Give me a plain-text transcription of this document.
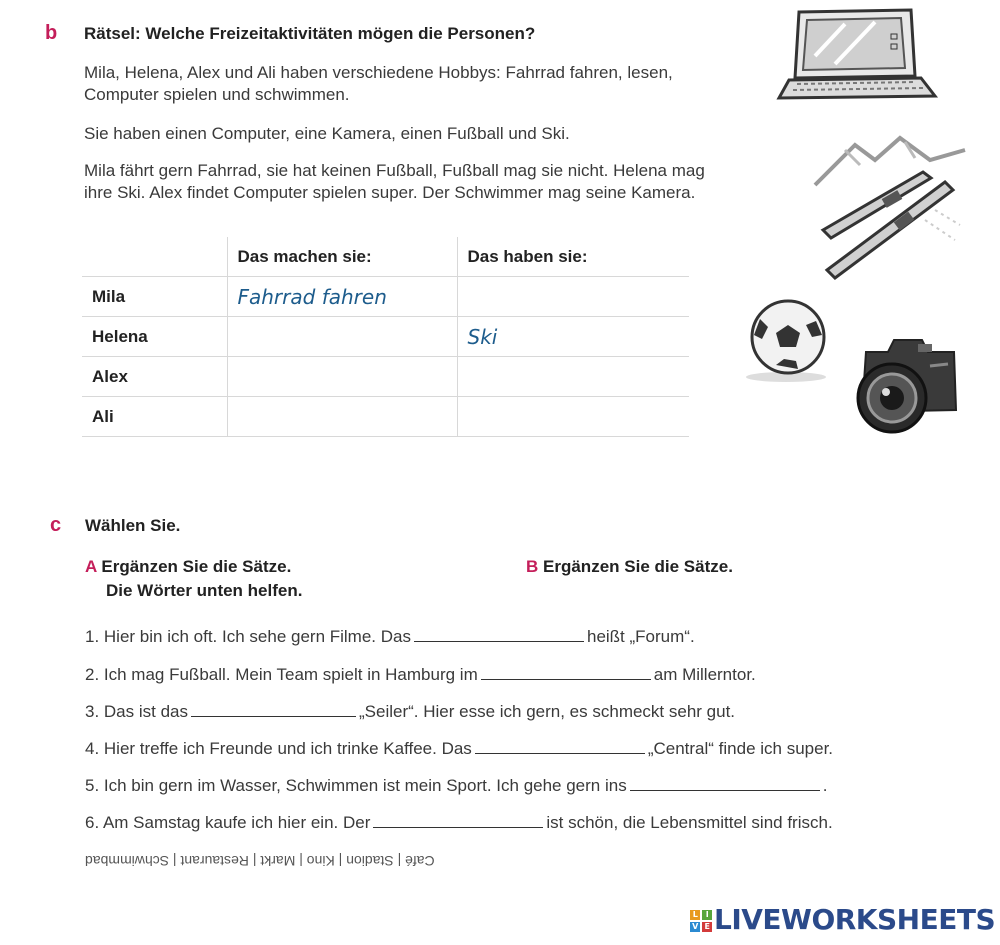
b Rätsel: Welche Freizeitaktivitäten mögen die Personen?
Mila, Helena, Alex und Ali haben verschiedene Hobbys: Fahrrad fahren, lesen, Computer spielen und schwimmen.
Sie haben einen Computer, eine Kamera, einen Fußball und Ski.
Mila fährt gern Fahrrad, sie hat keinen Fußball, Fußball mag sie nicht. Helena mag ihre Ski. Alex findet Computer spielen super. Der Schwimmer mag seine Kamera.
	Das machen sie:	Das haben sie:
Mila	Fahrrad fahren	
Helena		Ski
Alex		
Ali		
c Wählen Sie.
A Ergänzen Sie die Sätze.
Die Wörter unten helfen.
B Ergänzen Sie die Sätze.
1. Hier bin ich oft. Ich sehe gern Filme. Das	heißt „Forum“.
2. Ich mag Fußball. Mein Team spielt in Hamburg im	am Millerntor.
3. Das ist das	„Seiler“. Hier esse ich gern, es schmeckt sehr gut.
4. Hier treffe ich Freunde und ich trinke Kaffee. Das	„Central“ finde ich super.
5. Ich bin gern im Wasser, Schwimmen ist mein Sport. Ich gehe gern ins	.
6. Am Samstag kaufe ich hier ein. Der	ist schön, die Lebensmittel sind frisch.
Café | Stadion | Kino | Markt | Restaurant | Schwimmbad
L	I
V E LIVEWORKSHEETS
